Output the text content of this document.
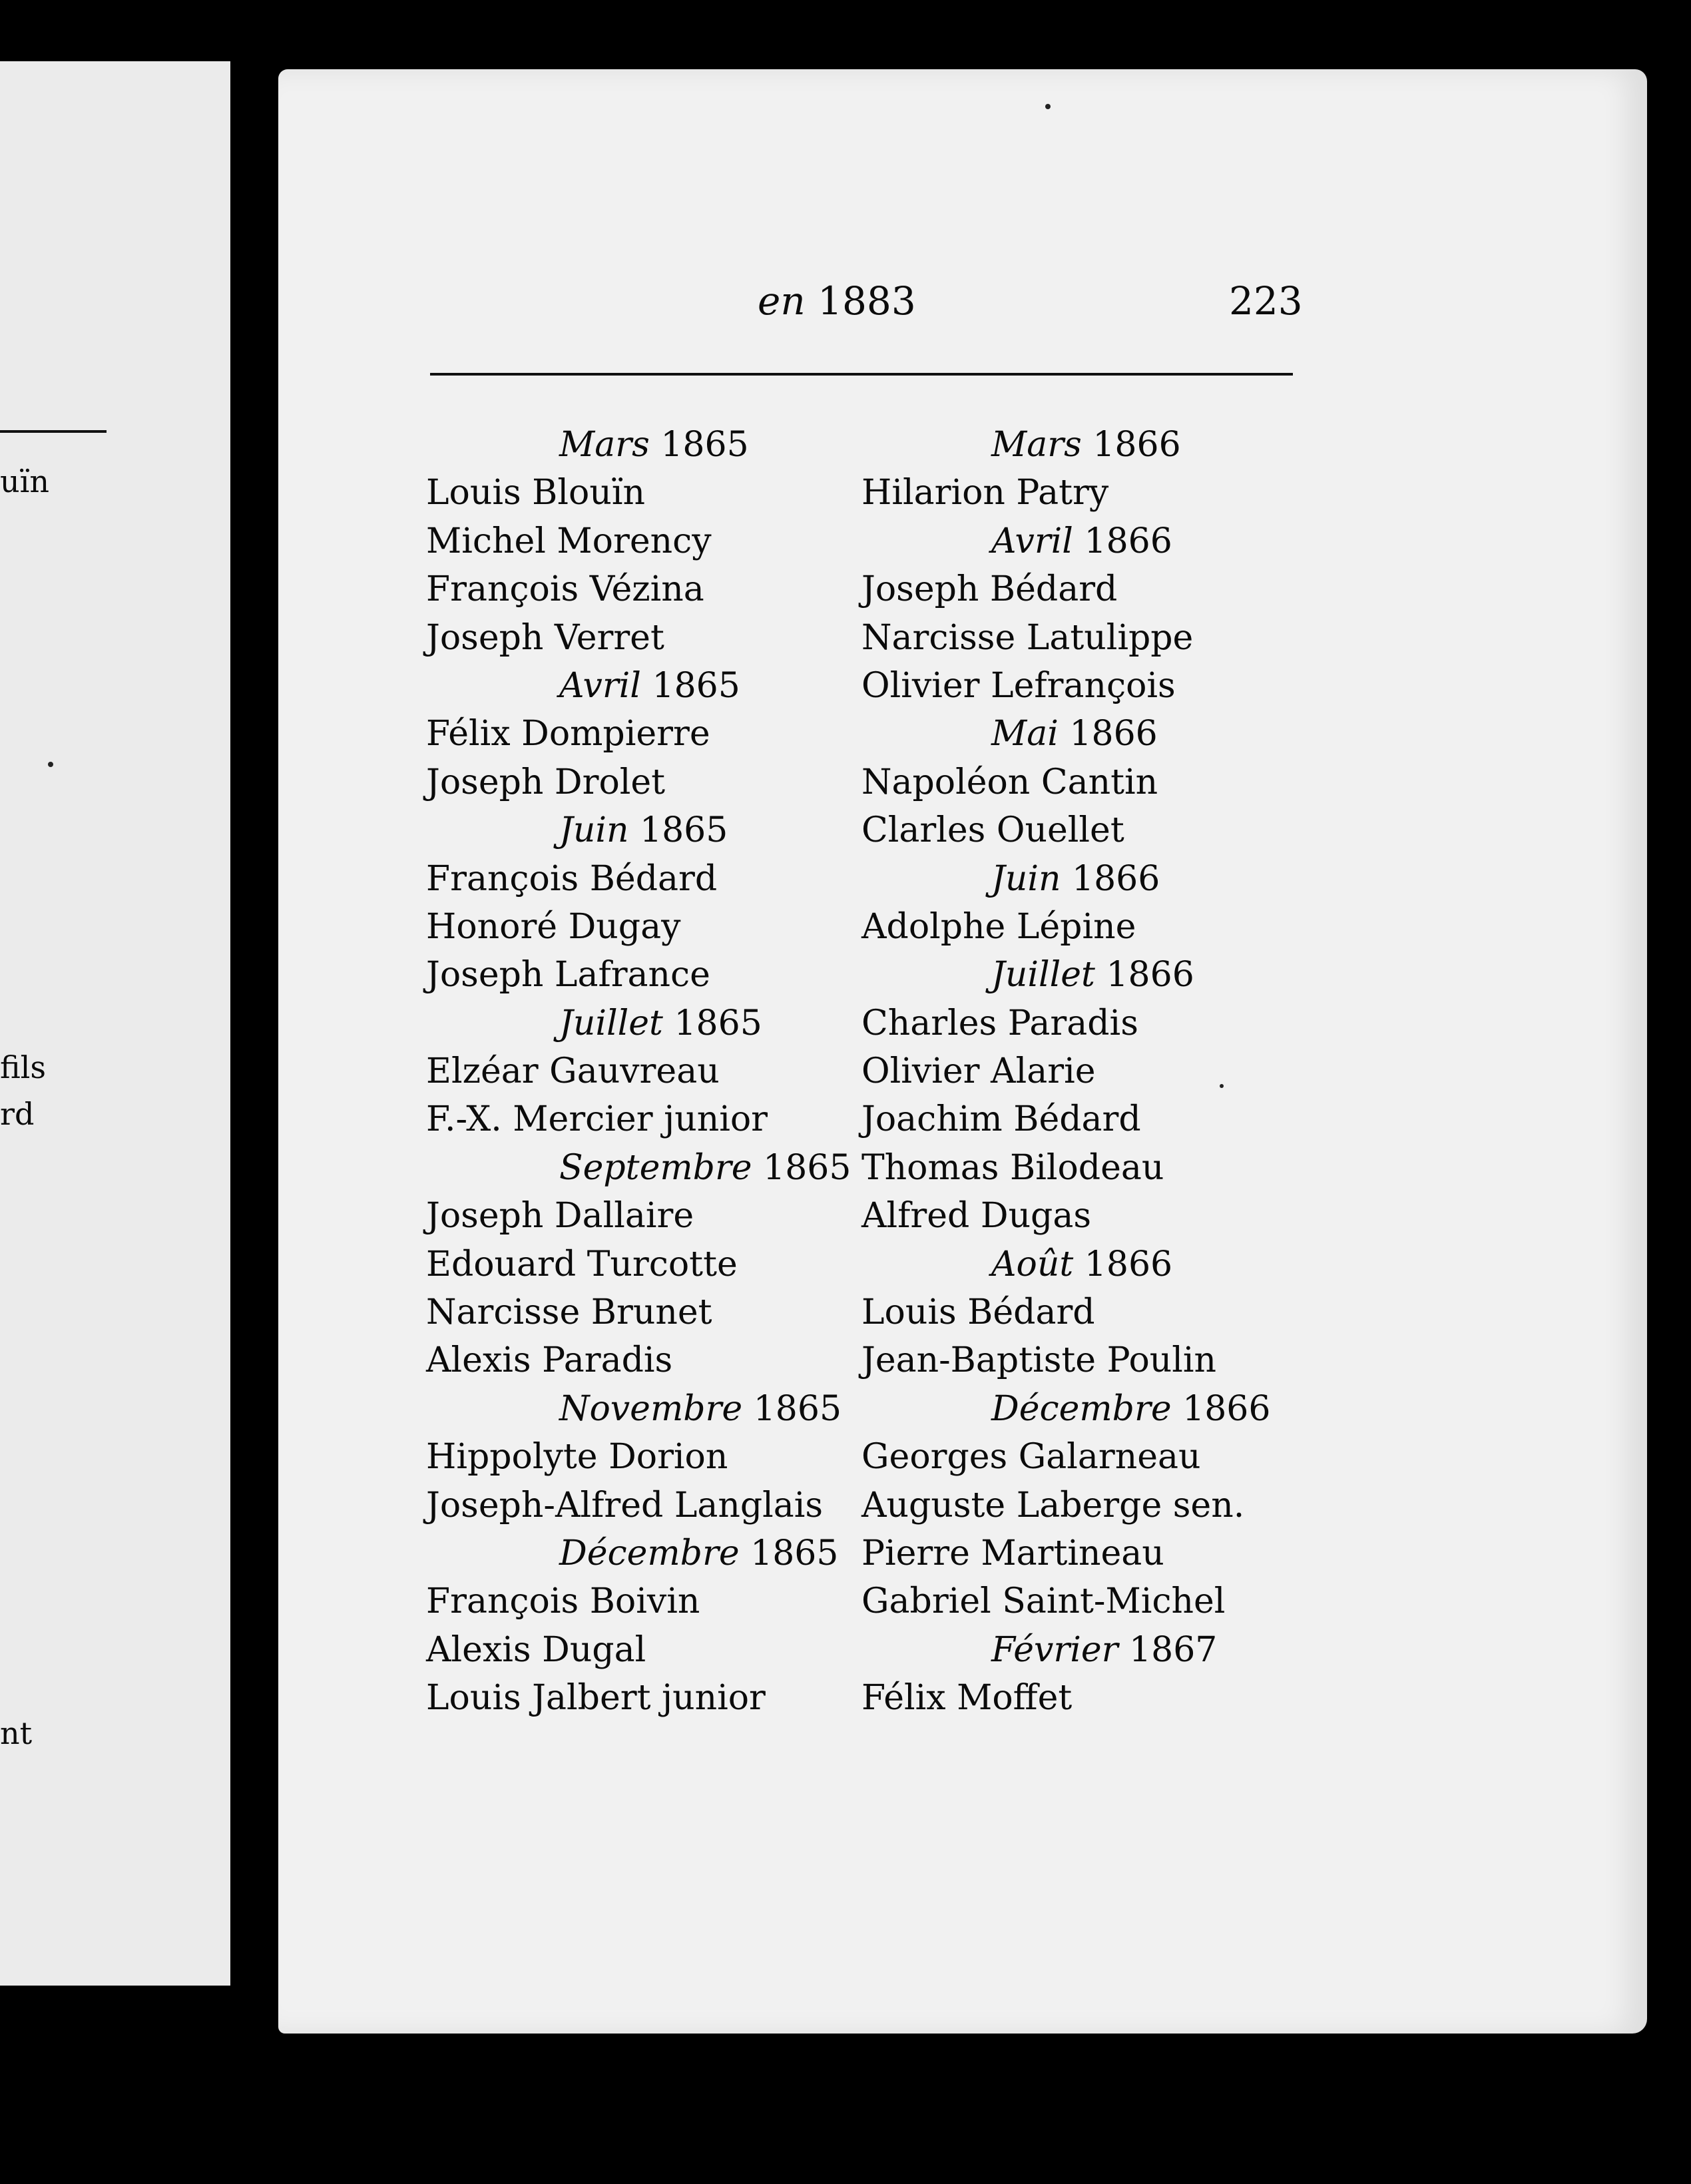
uïn
fils
rd
nt
en 1883	223
Mars 1865
Louis Blouïn
Michel Morency
François Vézina
Joseph Verret
Avril 1865
Félix Dompierre
Joseph Drolet
Juin 1865
François Bédard
Honoré Dugay
Joseph Lafrance
Juillet 1865
Elzéar Gauvreau
F.-X. Mercier junior
Septembre 1865
Joseph Dallaire
Edouard Turcotte
Narcisse Brunet
Alexis Paradis
Novembre 1865
Hippolyte Dorion
Joseph-Alfred Langlais
Décembre 1865
François Boivin
Alexis Dugal
Louis Jalbert junior
Mars 1866
Hilarion Patry
Avril 1866
Joseph Bédard
Narcisse Latulippe
Olivier Lefrançois
Mai 1866
Napoléon Cantin
Clarles Ouellet
Juin 1866
Adolphe Lépine
Juillet 1866
Charles Paradis
Olivier Alarie
Joachim Bédard
Thomas Bilodeau
Alfred Dugas
Août 1866
Louis Bédard
Jean-Baptiste Poulin
Décembre 1866
Georges Galarneau
Auguste Laberge sen.
Pierre Martineau
Gabriel Saint-Michel
Février 1867
Félix Moffet
